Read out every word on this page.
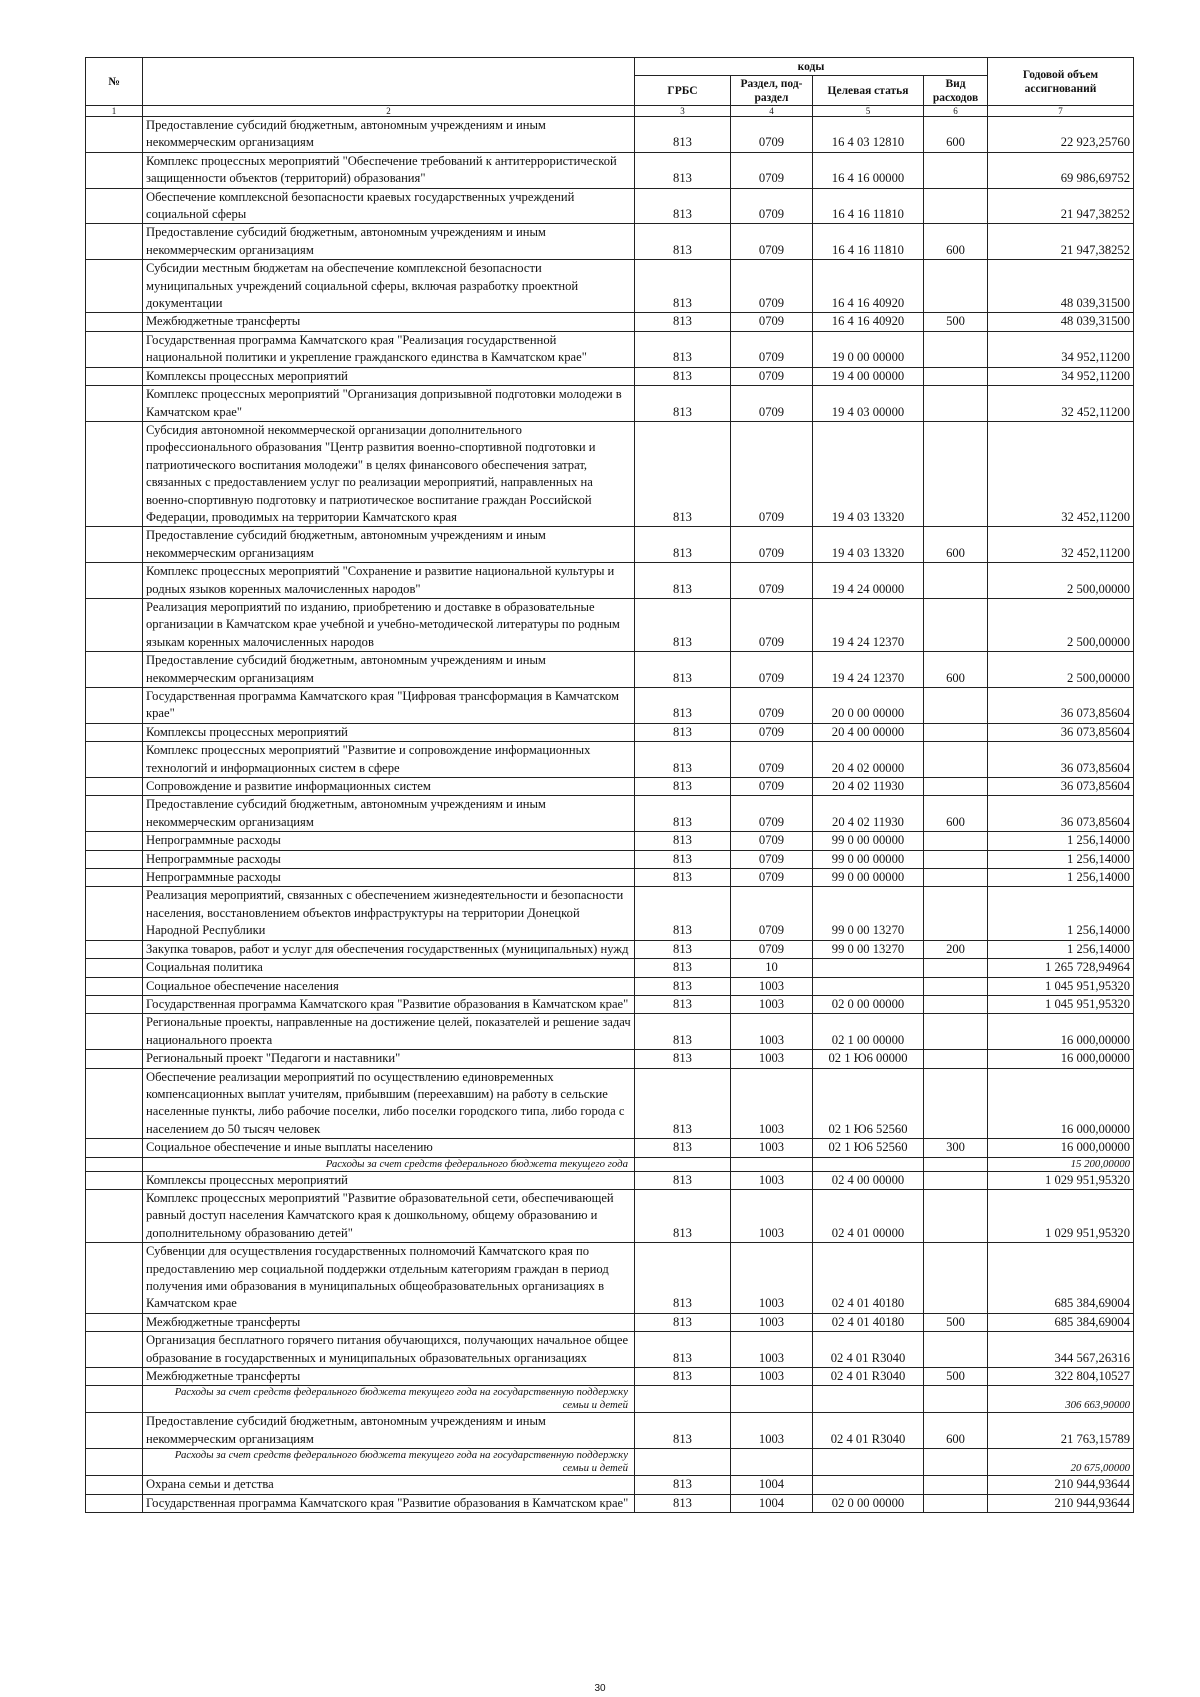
№		коды				Годовой объем ассигнований
		ГРБС	Раздел, под-раздел	Целевая статья	Вид расходов	
1	2	3	4	5	6	7
	Предоставление субсидий бюджетным, автономным учреждениям и иным некоммерческим организациям	813	0709	16 4 03 12810	600	22 923,25760
	Комплекс процессных мероприятий "Обеспечение требований к антитеррористической защищенности объектов (территорий) образования"	813	0709	16 4 16 00000		69 986,69752
	Обеспечение комплексной безопасности краевых государственных учреждений социальной сферы	813	0709	16 4 16 11810		21 947,38252
	Предоставление субсидий бюджетным, автономным учреждениям и иным некоммерческим организациям	813	0709	16 4 16 11810	600	21 947,38252
	Субсидии местным бюджетам на обеспечение комплексной безопасности муниципальных учреждений социальной сферы, включая разработку проектной документации	813	0709	16 4 16 40920		48 039,31500
	Межбюджетные трансферты	813	0709	16 4 16 40920	500	48 039,31500
	Государственная программа Камчатского края "Реализация государственной национальной политики и укрепление гражданского единства в Камчатском крае"	813	0709	19 0 00 00000		34 952,11200
	Комплексы процессных мероприятий	813	0709	19 4 00 00000		34 952,11200
	Комплекс процессных мероприятий "Организация допризывной подготовки молодежи в Камчатском крае"	813	0709	19 4 03 00000		32 452,11200
	Субсидия автономной некоммерческой организации дополнительного профессионального образования "Центр развития военно-спортивной подготовки и патриотического воспитания молодежи" в целях финансового обеспечения затрат, связанных с предоставлением услуг по реализации мероприятий, направленных на военно-спортивную подготовку и патриотическое воспитание граждан Российской Федерации, проводимых на территории Камчатского края	813	0709	19 4 03 13320		32 452,11200
	Предоставление субсидий бюджетным, автономным учреждениям и иным некоммерческим организациям	813	0709	19 4 03 13320	600	32 452,11200
	Комплекс процессных мероприятий "Сохранение и развитие национальной культуры и родных языков коренных малочисленных народов"	813	0709	19 4 24 00000		2 500,00000
	Реализация мероприятий по изданию, приобретению и доставке в образовательные организации в Камчатском крае учебной и учебно-методической литературы по родным языкам коренных малочисленных народов	813	0709	19 4 24 12370		2 500,00000
	Предоставление субсидий бюджетным, автономным учреждениям и иным некоммерческим организациям	813	0709	19 4 24 12370	600	2 500,00000
	Государственная программа Камчатского края "Цифровая трансформация в Камчатском крае"	813	0709	20 0 00 00000		36 073,85604
	Комплексы процессных мероприятий	813	0709	20 4 00 00000		36 073,85604
	Комплекс процессных мероприятий "Развитие и сопровождение информационных технологий и информационных систем в сфере	813	0709	20 4 02 00000		36 073,85604
	Сопровождение и развитие информационных систем	813	0709	20 4 02 11930		36 073,85604
	Предоставление субсидий бюджетным, автономным учреждениям и иным некоммерческим организациям	813	0709	20 4 02 11930	600	36 073,85604
	Непрограммные расходы	813	0709	99 0 00 00000		1 256,14000
	Непрограммные расходы	813	0709	99 0 00 00000		1 256,14000
	Непрограммные расходы	813	0709	99 0 00 00000		1 256,14000
	Реализация мероприятий, связанных с обеспечением жизнедеятельности и безопасности населения, восстановлением объектов инфраструктуры на территории Донецкой Народной Республики	813	0709	99 0 00 13270		1 256,14000
	Закупка товаров, работ и услуг для обеспечения государственных (муниципальных) нужд	813	0709	99 0 00 13270	200	1 256,14000
	Социальная политика	813	10			1 265 728,94964
	Социальное обеспечение населения	813	1003			1 045 951,95320
	Государственная программа Камчатского края "Развитие образования в Камчатском крае"	813	1003	02 0 00 00000		1 045 951,95320
	Региональные проекты, направленные на достижение целей, показателей и решение задач национального проекта	813	1003	02 1 00 00000		16 000,00000
	Региональный проект "Педагоги и наставники"	813	1003	02 1 Ю6 00000		16 000,00000
	Обеспечение реализации мероприятий по осуществлению единовременных компенсационных выплат учителям, прибывшим (переехавшим) на работу в сельские населенные пункты, либо рабочие поселки, либо поселки городского типа, либо города с населением до 50 тысяч человек	813	1003	02 1 Ю6 52560		16 000,00000
	Социальное обеспечение и иные выплаты населению	813	1003	02 1 Ю6 52560	300	16 000,00000
	Расходы за счет средств федерального бюджета текущего года					15 200,00000
	Комплексы процессных мероприятий	813	1003	02 4 00 00000		1 029 951,95320
	Комплекс процессных мероприятий "Развитие образовательной сети, обеспечивающей равный доступ населения Камчатского края к дошкольному, общему образованию и дополнительному образованию детей"	813	1003	02 4 01 00000		1 029 951,95320
	Субвенции для осуществления государственных полномочий Камчатского края по предоставлению мер социальной поддержки отдельным категориям граждан в период получения ими образования в муниципальных общеобразовательных организациях в Камчатском крае	813	1003	02 4 01 40180		685 384,69004
	Межбюджетные трансферты	813	1003	02 4 01 40180	500	685 384,69004
	Организация бесплатного горячего питания обучающихся, получающих начальное общее образование в государственных и муниципальных образовательных организациях	813	1003	02 4 01 R3040		344 567,26316
	Межбюджетные трансферты	813	1003	02 4 01 R3040	500	322 804,10527
	Расходы за счет средств федерального бюджета текущего года на государственную поддержку семьи и детей					306 663,90000
	Предоставление субсидий бюджетным, автономным учреждениям и иным некоммерческим организациям	813	1003	02 4 01 R3040	600	21 763,15789
	Расходы за счет средств федерального бюджета текущего года на государственную поддержку семьи и детей					20 675,00000
	Охрана семьи и детства	813	1004			210 944,93644
	Государственная программа Камчатского края "Развитие образования в Камчатском крае"	813	1004	02 0 00 00000		210 944,93644
30
